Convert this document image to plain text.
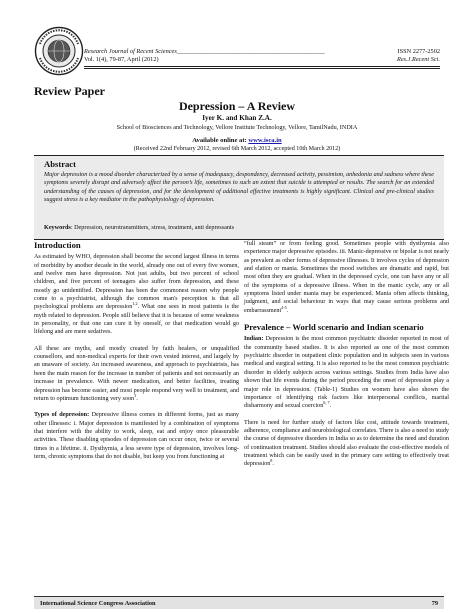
Research Journal of Recent Sciences_______________________________________________
Vol. 1(4), 79-87, April (2012)
ISSN 2277-2502
Res.J.Recent Sci.
Review Paper
Depression – A Review
Iyer K. and Khan Z.A.
School of Biosciences and Technology, Vellore Institute Technology, Vellore, TamilNadu, INDIA
Available online at: www.isca.in
(Received 22nd February 2012, revised 6th March 2012, accepted 10th March 2012)
Abstract
Major depression is a mood disorder characterized by a sense of inadequacy, despondency, decreased activity, pessimism, anhedonia and sadness where these symptoms severely disrupt and adversely affect the person’s life, sometimes to such an extent that suicide is attempted or results. The search for an extended understanding of the causes of depression, and for the development of additional effective treatments is highly significant. Clinical and pre-clinical studies suggest stress is a key mediator in the pathophysiology of depression.
Keywords: Depression, neurotransmitters, stress, treatment, anti depressants
Introduction

As estimated by WHO, depression shall become the second largest illness in terms of morbidity by another decade in the world, already one out of every five women, and twelve men have depression. Not just adults, but two percent of school children, and five percent of teenagers also suffer from depression, and these mostly go unidentified. Depression has been the commonest reason why people come to a psychiatrist, although the common man's perception is that all psychological problems are depression$^{1,2}$. What one sees in most patients is the myth related to depression. People still believe that it is because of some weakness in personality, or that one can cure it by oneself, or that medication would go lifelong and are mere sedatives.

All these are myths, and mostly created by faith healers, or unqualified counsellors, and non-medical experts for their own vested interest, and largely by an unaware of society. An increased awareness, and approach to psychiatrists, has been the main reason for the increase in number of patients and not necessarily an increase in prevalence. With newer medication, and better facilities, treating depression has become easier, and most people respond very well to treatment, and return to optimum functioning very soon$^3$.

Types of depression: Depressive illness comes in different forms, just as many other illnesses: i. Major depression is manifested by a combination of symptoms that interfere with the ability to work, sleep, eat and enjoy once pleasurable activities. These disabling episodes of depression can occur once, twice or several times in a lifetime. ii. Dysthymia, a less severe type of depression, involves long-term, chronic symptoms that do not disable, but keep you from functioning at

“full steam” or from feeling good. Sometimes people with dysthymia also experience major depressive episodes. iii. Manic-depressive or bipolar is not nearly as prevalent as other forms of depressive illnesses. It involves cycles of depression and elation or mania. Sometimes the mood switches are dramatic and rapid, but most often they are gradual. When in the depressed cycle, one can have any or all of the symptoms of a depressive illness. When in the manic cycle, any or all symptoms listed under mania may be experienced. Mania often affects thinking, judgment, and social behaviour in ways that may cause serious problems and embarrassment$^{4-5}$.

Prevalence – World scenario and Indian scenario

Indian: Depression is the most common psychiatric disorder reported in most of the community based studies. It is also reported as one of the most common psychiatric disorder in outpatient clinic population and in subjects seen in various medical and surgical setting. It is also reported to be the most common psychiatric disorder in elderly subjects across various settings. Studies from India have also shown that life events during the period preceding the onset of depression play a major role in depression. (Table-1) Studies on women have also shown the importance of identifying risk factors like interpersonal conflicts, marital disharmony and sexual coercion$^{6, 7}$.

There is need for further study of factors like cost, attitude towards treatment, adherence, compliance and neurobiological correlates. There is also a need to study the course of depressive disorders in India so as to determine the need and duration of continuation treatment. Studies should also evaluate the cost-effective models of treatment which can be easily used in the primary care setting to effectively treat depression$^8$.

International Science Congress Association	79
